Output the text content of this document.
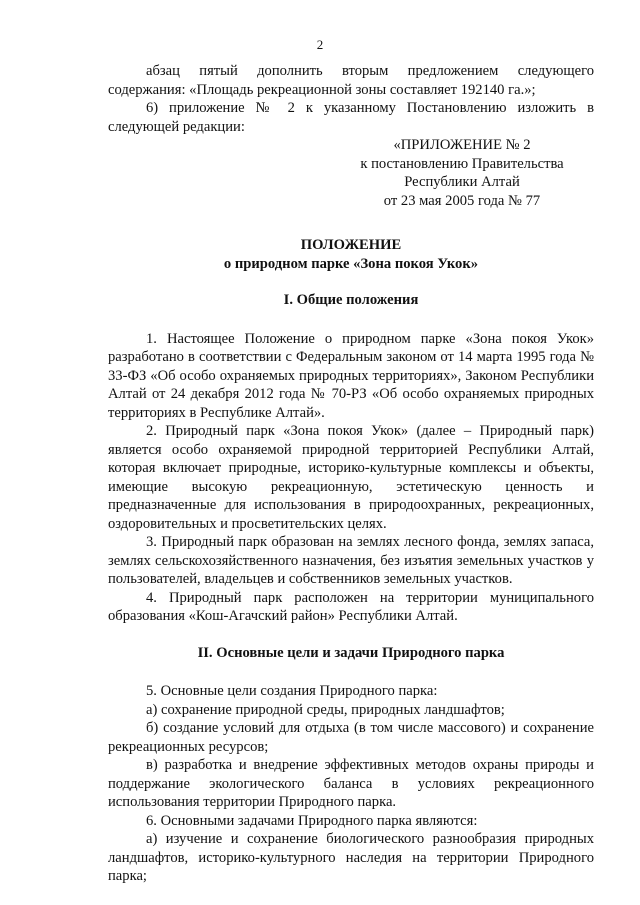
2

абзац пятый дополнить вторым предложением следующего содержания: «Площадь рекреационной зоны составляет 192140 га.»;

6) приложение № 2 к указанному Постановлению изложить в следующей редакции:

«ПРИЛОЖЕНИЕ № 2
к постановлению Правительства
Республики Алтай
от 23 мая 2005 года № 77
ПОЛОЖЕНИЕ
о природном парке «Зона покоя Укок»
I. Общие положения

1. Настоящее Положение о природном парке «Зона покоя Укок» разработано в соответствии с Федеральным законом от 14 марта 1995 года № 33-ФЗ «Об особо охраняемых природных территориях», Законом Республики Алтай от 24 декабря 2012 года № 70-РЗ «Об особо охраняемых природных территориях в Республике Алтай».

2. Природный парк «Зона покоя Укок» (далее – Природный парк) является особо охраняемой природной территорией Республики Алтай, которая включает природные, историко-культурные комплексы и объекты, имеющие высокую рекреационную, эстетическую ценность и предназначенные для использования в природоохранных, рекреационных, оздоровительных и просветительских целях.

3. Природный парк образован на землях лесного фонда, землях запаса, землях сельскохозяйственного назначения, без изъятия земельных участков у пользователей, владельцев и собственников земельных участков.

4. Природный парк расположен на территории муниципального образования «Кош-Агачский район» Республики Алтай.

II. Основные цели и задачи Природного парка

5. Основные цели создания Природного парка:

а) сохранение природной среды, природных ландшафтов;

б) создание условий для отдыха (в том числе массового) и сохранение рекреационных ресурсов;

в) разработка и внедрение эффективных методов охраны природы и поддержание экологического баланса в условиях рекреационного использования территории Природного парка.

6. Основными задачами Природного парка являются:

а) изучение и сохранение биологического разнообразия природных ландшафтов, историко-культурного наследия на территории Природного парка;
